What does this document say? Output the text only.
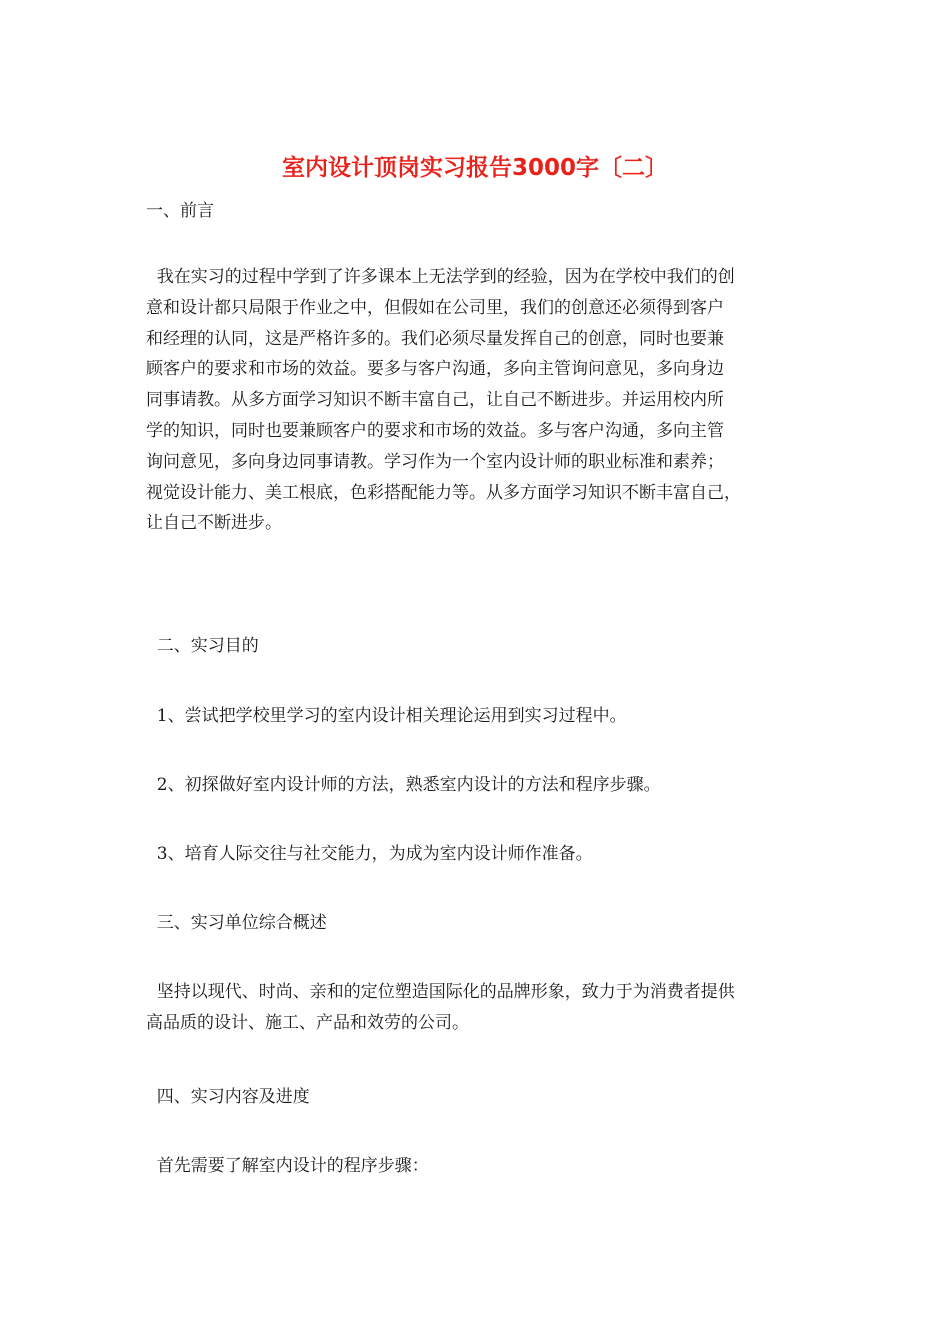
室内设计顶岗实习报告3000字〔二〕

一、前言

我在实习的过程中学到了许多课本上无法学到的经验，因为在学校中我们的创
意和设计都只局限于作业之中，但假如在公司里，我们的创意还必须得到客户
和经理的认同，这是严格许多的。我们必须尽量发挥自己的创意，同时也要兼
顾客户的要求和市场的效益。要多与客户沟通，多向主管询问意见，多向身边
同事请教。从多方面学习知识不断丰富自己，让自己不断进步。并运用校内所
学的知识，同时也要兼顾客户的要求和市场的效益。多与客户沟通，多向主管
询问意见，多向身边同事请教。学习作为一个室内设计师的职业标准和素养；
视觉设计能力、美工根底，色彩搭配能力等。从多方面学习知识不断丰富自己，
让自己不断进步。

二、实习目的

1、尝试把学校里学习的室内设计相关理论运用到实习过程中。

2、初探做好室内设计师的方法，熟悉室内设计的方法和程序步骤。

3、培育人际交往与社交能力，为成为室内设计师作准备。

三、实习单位综合概述

坚持以现代、时尚、亲和的定位塑造国际化的品牌形象，致力于为消费者提供
高品质的设计、施工、产品和效劳的公司。

四、实习内容及进度

首先需要了解室内设计的程序步骤：
